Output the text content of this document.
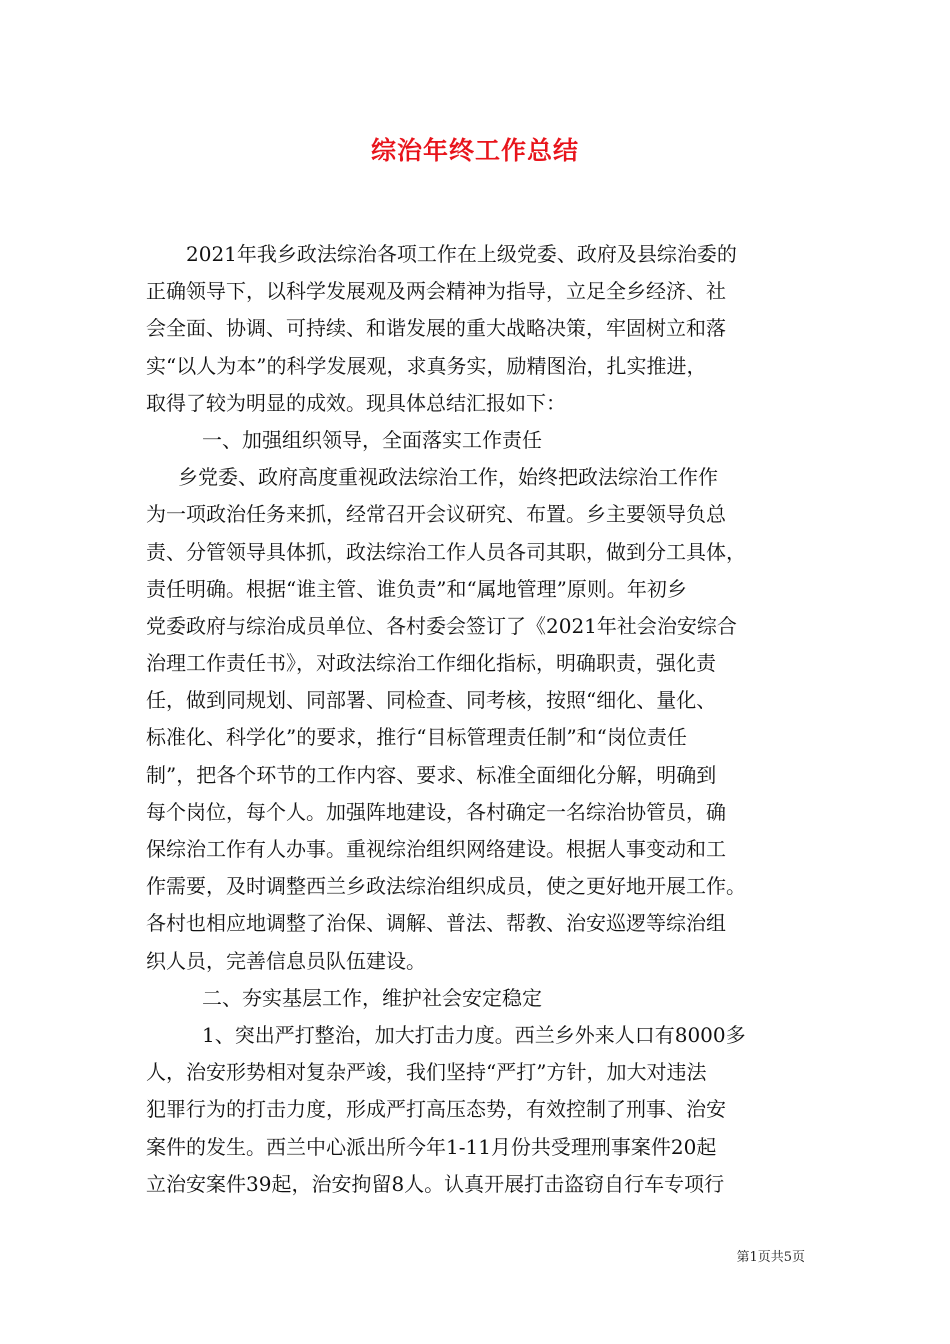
综治年终工作总结
2021年我乡政法综治各项工作在上级党委、政府及县综治委的
正确领导下，以科学发展观及两会精神为指导，立足全乡经济、社
会全面、协调、可持续、和谐发展的重大战略决策，牢固树立和落
实“以人为本”的科学发展观，求真务实，励精图治，扎实推进，
取得了较为明显的成效。现具体总结汇报如下：
一、加强组织领导，全面落实工作责任
乡党委、政府高度重视政法综治工作，始终把政法综治工作作
为一项政治任务来抓，经常召开会议研究、布置。乡主要领导负总
责、分管领导具体抓，政法综治工作人员各司其职，做到分工具体，
责任明确。根据“谁主管、谁负责”和“属地管理”原则。年初乡
党委政府与综治成员单位、各村委会签订了《2021年社会治安综合
治理工作责任书》，对政法综治工作细化指标，明确职责，强化责
任，做到同规划、同部署、同检查、同考核，按照“细化、量化、
标准化、科学化”的要求，推行“目标管理责任制”和“岗位责任
制”，把各个环节的工作内容、要求、标准全面细化分解，明确到
每个岗位，每个人。加强阵地建设，各村确定一名综治协管员，确
保综治工作有人办事。重视综治组织网络建设。根据人事变动和工
作需要，及时调整西兰乡政法综治组织成员，使之更好地开展工作。
各村也相应地调整了治保、调解、普法、帮教、治安巡逻等综治组
织人员，完善信息员队伍建设。
二、夯实基层工作，维护社会安定稳定
1、突出严打整治，加大打击力度。西兰乡外来人口有8000多
人，治安形势相对复杂严竣，我们坚持“严打”方针，加大对违法
犯罪行为的打击力度，形成严打高压态势，有效控制了刑事、治安
案件的发生。西兰中心派出所今年1-11月份共受理刑事案件20起
立治安案件39起，治安拘留8人。认真开展打击盗窃自行车专项行
第1页共5页
